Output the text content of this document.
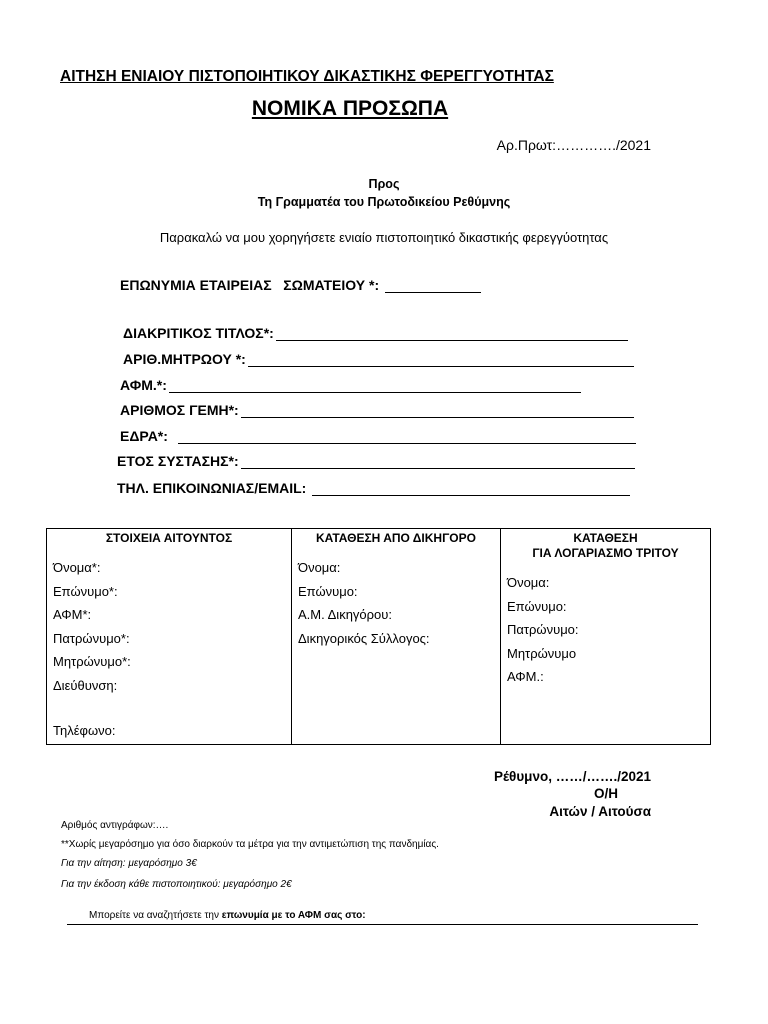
ΑΙΤΗΣΗ ΕΝΙΑΙΟΥ ΠΙΣΤΟΠΟΙΗΤΙΚΟΥ ΔΙΚΑΣΤΙΚΗΣ ΦΕΡΕΓΓΥΟΤΗΤΑΣ
ΝΟΜΙΚΑ ΠΡΟΣΩΠΑ
Αρ.Πρωτ:…………./2021
Προς
Τη Γραμματέα του Πρωτοδικείου Ρεθύμνης
Παρακαλώ να μου χορηγήσετε ενιαίο πιστοποιητικό δικαστικής φερεγγύοτητας
ΕΠΩΝΥΜΙΑ ΕΤΑΙΡΕΙΑΣ   ΣΩΜΑΤΕΙΟΥ *:
ΔΙΑΚΡΙΤΙΚΟΣ ΤΙΤΛΟΣ*:
ΑΡΙΘ.ΜΗΤΡΩΟΥ *:
ΑΦΜ.*:
ΑΡΙΘΜΟΣ ΓΕΜΗ*:
ΕΔΡΑ*:
ΕΤΟΣ ΣΥΣΤΑΣΗΣ*:
ΤΗΛ. ΕΠΙΚΟΙΝΩΝΙΑΣ/EMAIL:
ΣΤΟΙΧΕΙΑ ΑΙΤΟΥΝΤΟΣ
Όνομα*:
Επώνυμο*:
ΑΦΜ*:
Πατρώνυμο*:
Μητρώνυμο*:
Διεύθυνση:
Τηλέφωνο:

ΚΑΤΑΘΕΣΗ ΑΠΟ ΔΙΚΗΓΟΡΟ
Όνομα:
Επώνυμο:
Α.Μ. Δικηγόρου:
Δικηγορικός Σύλλογος:

ΚΑΤΑΘΕΣΗ
ΓΙΑ ΛΟΓΑΡΙΑΣΜΟ ΤΡΙΤΟΥ
Όνομα:
Επώνυμο:
Πατρώνυμο:
Μητρώνυμο
ΑΦΜ.:
Ρέθυμνο, ……/……./2021
Ο/Η
Αιτών / Αιτούσα
Αριθμός αντιγράφων:….
**Χωρίς μεγαρόσημο για όσο διαρκούν τα μέτρα για την αντιμετώπιση της πανδημίας.
Για την αίτηση: μεγαρόσημο 3€
Για την έκδοση κάθε πιστοποιητικού: μεγαρόσημο 2€
Μπορείτε να αναζητήσετε την επωνυμία με το ΑΦΜ σας στο:
